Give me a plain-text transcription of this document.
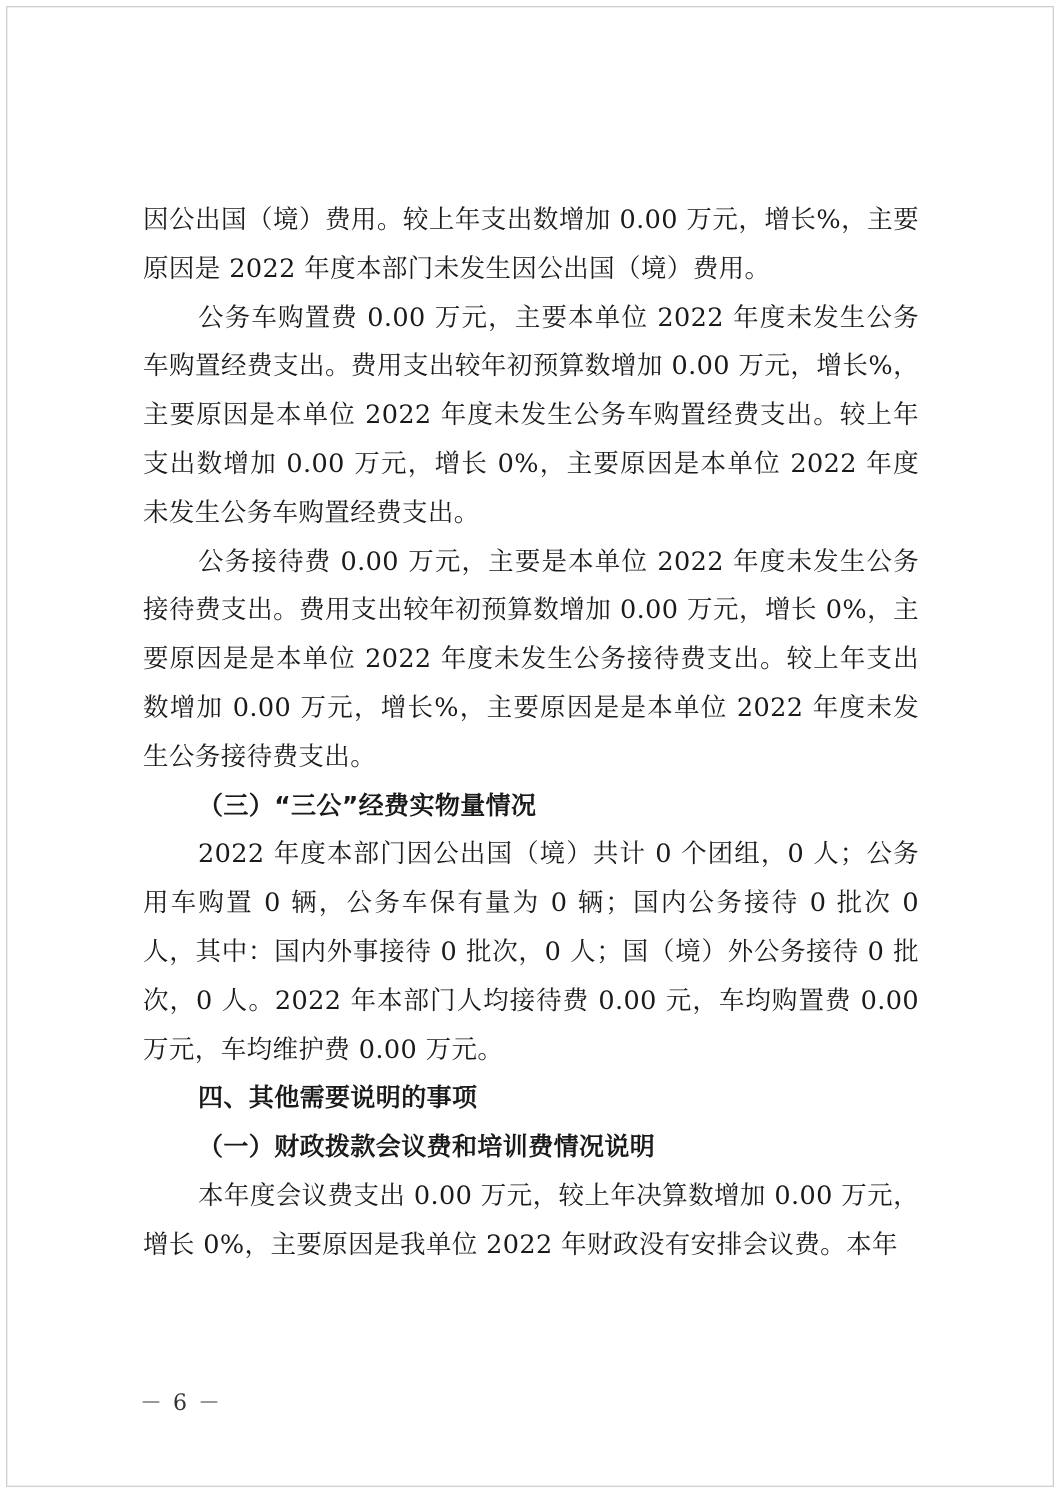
因公出国（境）费用。较上年支出数增加 0.00 万元，增长%，主要原因是 2022 年度本部门未发生因公出国（境）费用。

公务车购置费 0.00 万元，主要本单位 2022 年度未发生公务车购置经费支出。费用支出较年初预算数增加 0.00 万元，增长%，主要原因是本单位 2022 年度未发生公务车购置经费支出。较上年支出数增加 0.00 万元，增长 0%，主要原因是本单位 2022 年度未发生公务车购置经费支出。

公务接待费 0.00 万元，主要是本单位 2022 年度未发生公务接待费支出。费用支出较年初预算数增加 0.00 万元，增长 0%，主要原因是是本单位 2022 年度未发生公务接待费支出。较上年支出数增加 0.00 万元，增长%，主要原因是是本单位 2022 年度未发生公务接待费支出。

（三）“三公”经费实物量情况

2022 年度本部门因公出国（境）共计 0 个团组，0 人；公务用车购置 0 辆，公务车保有量为 0 辆；国内公务接待 0 批次 0 人，其中：国内外事接待 0 批次，0 人；国（境）外公务接待 0 批次，0 人。2022 年本部门人均接待费 0.00 元，车均购置费 0.00 万元，车均维护费 0.00 万元。

四、其他需要说明的事项

（一）财政拨款会议费和培训费情况说明

本年度会议费支出 0.00 万元，较上年决算数增加 0.00 万元，增长 0%，主要原因是我单位 2022 年财政没有安排会议费。本年

－ 6 －
